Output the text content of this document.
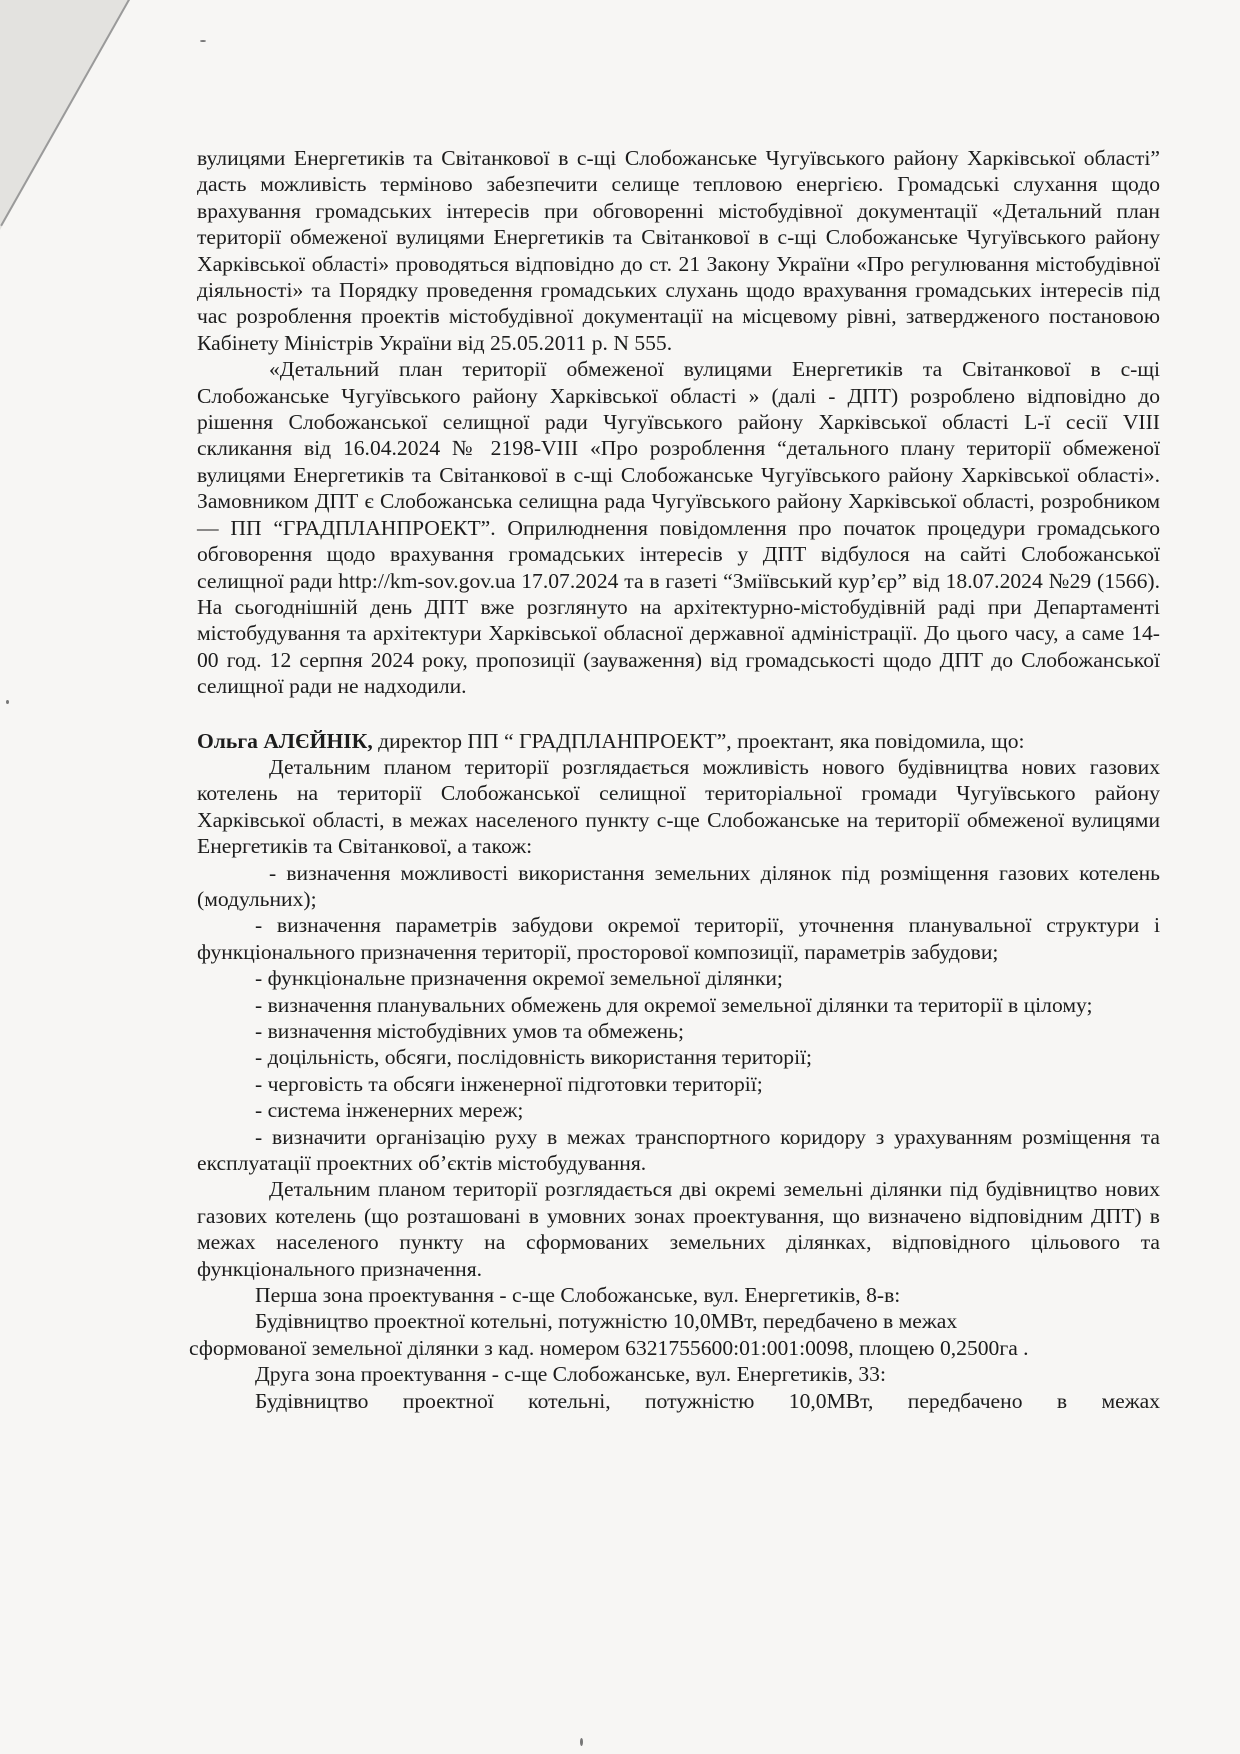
вулицями Енергетиків та Світанкової в с-щі Слобожанське Чугуївського району Харківської області” дасть можливість терміново забезпечити селище тепловою енергією. Громадські слухання щодо врахування громадських інтересів при обговоренні містобудівної документації «Детальний план території обмеженої вулицями Енергетиків та Світанкової в с-щі Слобожанське Чугуївського району Харківської області» проводяться відповідно до ст. 21 Закону України «Про регулювання містобудівної діяльності» та Порядку проведення громадських слухань щодо врахування громадських інтересів під час розроблення проектів містобудівної документації на місцевому рівні, затвердженого постановою Кабінету Міністрів України від 25.05.2011 р. N 555.

«Детальний план території обмеженої вулицями Енергетиків та Світанкової в с-щі Слобожанське Чугуївського району Харківської області » (далі - ДПТ) розроблено відповідно до рішення Слобожанської селищної ради Чугуївського району Харківської області L-ї сесії VIII скликання від 16.04.2024 № 2198-VIII «Про розроблення “детального плану території обмеженої вулицями Енергетиків та Світанкової в с-щі Слобожанське Чугуївського району Харківської області». Замовником ДПТ є Слобожанська селищна рада Чугуївського району Харківської області, розробником — ПП “ГРАДПЛАНПРОЕКТ”. Оприлюднення повідомлення про початок процедури громадського обговорення щодо врахування громадських інтересів у ДПТ відбулося на сайті Слобожанської селищної ради http://km-sov.gov.ua 17.07.2024 та в газеті “Зміївський кур’єр” від 18.07.2024 №29 (1566). На сьогоднішній день ДПТ вже розглянуто на архітектурно-містобудівній раді при Департаменті містобудування та архітектури Харківської обласної державної адміністрації. До цього часу, а саме 14-00 год. 12 серпня 2024 року, пропозиції (зауваження) від громадськості щодо ДПТ до Слобожанської селищної ради не надходили.

Ольга АЛЄЙНІК, директор ПП “ ГРАДПЛАНПРОЕКТ”, проектант, яка повідомила, що:

Детальним планом території розглядається можливість нового будівництва нових газових котелень на території Слобожанської селищної територіальної громади Чугуївського району Харківської області, в межах населеного пункту с-ще Слобожанське на території обмеженої вулицями Енергетиків та Світанкової, а також:

- визначення можливості використання земельних ділянок під розміщення газових котелень (модульних);

- визначення параметрів забудови окремої території, уточнення планувальної структури і функціонального призначення території, просторової композиції, параметрів забудови;

- функціональне призначення окремої земельної ділянки;

- визначення планувальних обмежень для окремої земельної ділянки та території в цілому;

- визначення містобудівних умов та обмежень;

- доцільність, обсяги, послідовність використання території;

- черговість та обсяги інженерної підготовки території;

- система інженерних мереж;

- визначити організацію руху в межах транспортного коридору з урахуванням розміщення та експлуатації проектних об’єктів містобудування.

Детальним планом території розглядається дві окремі земельні ділянки під будівництво нових газових котелень (що розташовані в умовних зонах проектування, що визначено відповідним ДПТ) в межах населеного пункту на сформованих земельних ділянках, відповідного цільового та функціонального призначення.

Перша зона проектування - с-ще Слобожанське, вул. Енергетиків, 8-в:

Будівництво проектної котельні, потужністю 10,0МВт, передбачено в межах
сформованої земельної ділянки з кад. номером 6321755600:01:001:0098, площею 0,2500га .

Друга зона проектування - с-ще Слобожанське, вул. Енергетиків, 33:

Будівництво проектної котельні, потужністю 10,0МВт, передбачено в межах
